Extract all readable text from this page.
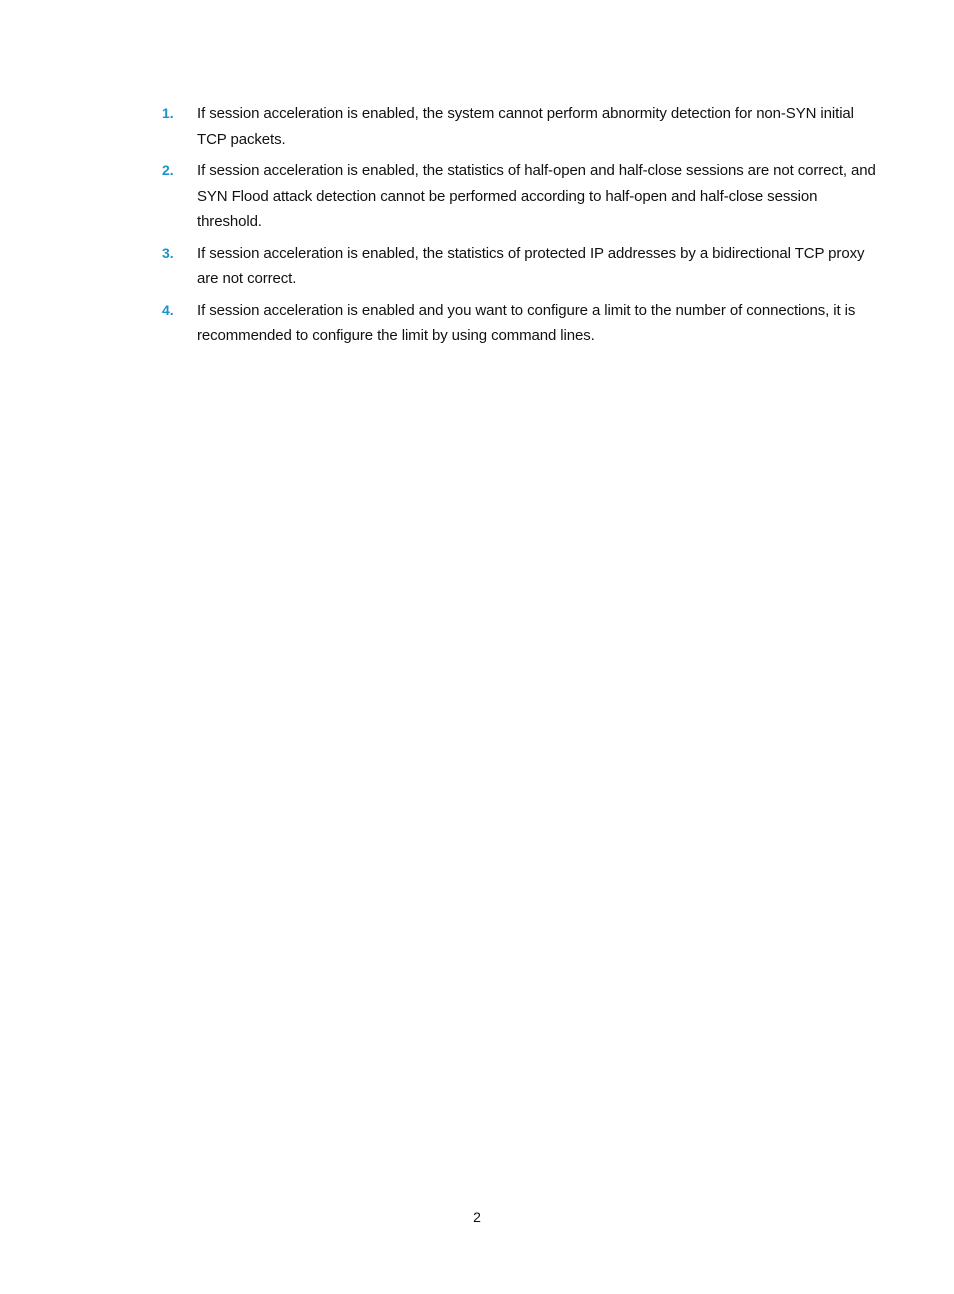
1.	If session acceleration is enabled, the system cannot perform abnormity detection for non-SYN initial TCP packets.
2.	If session acceleration is enabled, the statistics of half-open and half-close sessions are not correct, and SYN Flood attack detection cannot be performed according to half-open and half-close session threshold.
3.	If session acceleration is enabled, the statistics of protected IP addresses by a bidirectional TCP proxy are not correct.
4.	If session acceleration is enabled and you want to configure a limit to the number of connections, it is recommended to configure the limit by using command lines.
2
